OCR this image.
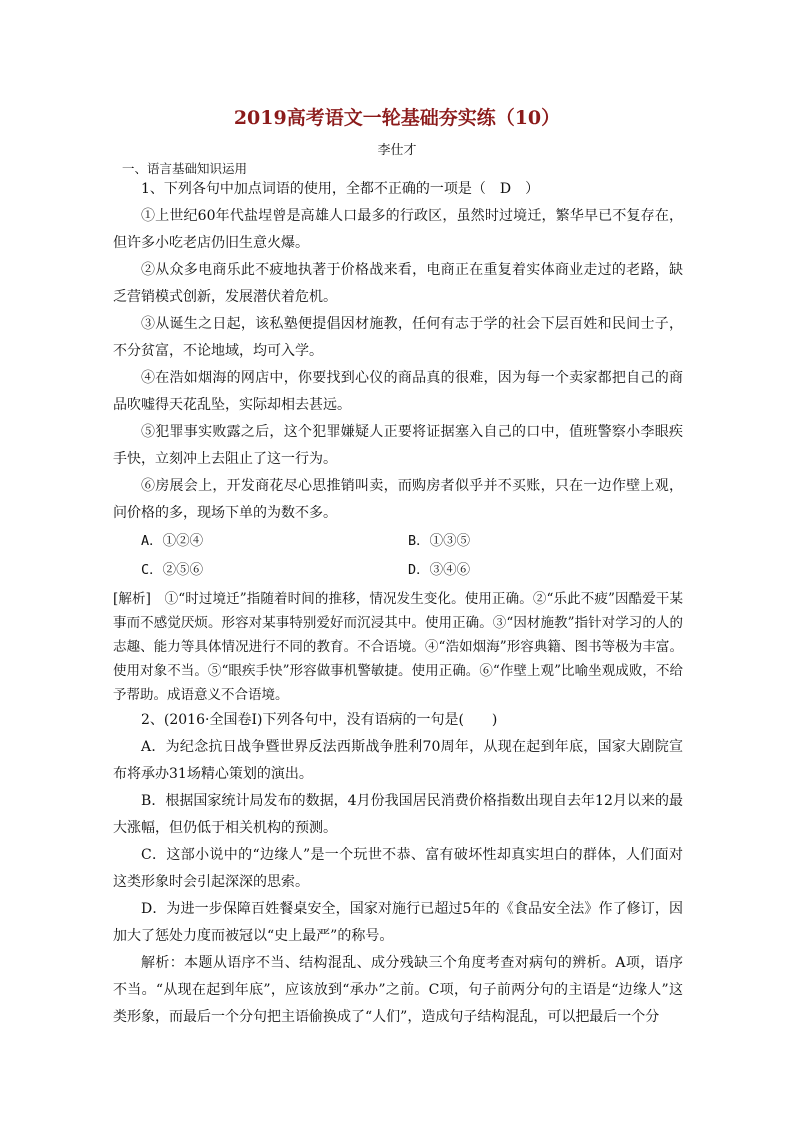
2019高考语文一轮基础夯实练（10）
李仕才
一、语言基础知识运用

1、下列各句中加点词语的使用，全都不正确的一项是（　D　）

①上世纪60年代盐埕曾是高雄人口最多的行政区，虽然时过境迁，繁华早已不复存在，但许多小吃老店仍旧生意火爆。

②从众多电商乐此不疲地执著于价格战来看，电商正在重复着实体商业走过的老路，缺乏营销模式创新，发展潜伏着危机。

③从诞生之日起，该私塾便提倡因材施教，任何有志于学的社会下层百姓和民间士子，不分贫富，不论地域，均可入学。

④在浩如烟海的网店中，你要找到心仪的商品真的很难，因为每一个卖家都把自己的商品吹嘘得天花乱坠，实际却相去甚远。

⑤犯罪事实败露之后，这个犯罪嫌疑人正要将证据塞入自己的口中，值班警察小李眼疾手快，立刻冲上去阻止了这一行为。

⑥房展会上，开发商花尽心思推销叫卖，而购房者似乎并不买账，只在一边作壁上观，问价格的多，现场下单的为数不多。

A．①②④	B．①③⑤
C．②⑤⑥	D．③④⑥

[解析]　①“时过境迁”指随着时间的推移，情况发生变化。使用正确。②“乐此不疲”因酷爱干某事而不感觉厌烦。形容对某事特别爱好而沉浸其中。使用正确。③“因材施教”指针对学习的人的志趣、能力等具体情况进行不同的教育。不合语境。④“浩如烟海”形容典籍、图书等极为丰富。使用对象不当。⑤“眼疾手快”形容做事机警敏捷。使用正确。⑥“作壁上观”比喻坐观成败，不给予帮助。成语意义不合语境。

2、(2016·全国卷Ⅰ)下列各句中，没有语病的一句是(　　)

A．为纪念抗日战争暨世界反法西斯战争胜利70周年，从现在起到年底，国家大剧院宣布将承办31场精心策划的演出。

B．根据国家统计局发布的数据，4月份我国居民消费价格指数出现自去年12月以来的最大涨幅，但仍低于相关机构的预测。

C．这部小说中的“边缘人”是一个玩世不恭、富有破坏性却真实坦白的群体，人们面对这类形象时会引起深深的思索。

D．为进一步保障百姓餐桌安全，国家对施行已超过5年的《食品安全法》作了修订，因加大了惩处力度而被冠以“史上最严”的称号。

解析：本题从语序不当、结构混乱、成分残缺三个角度考查对病句的辨析。A项，语序不当。“从现在起到年底”，应该放到“承办”之前。C项，句子前两分句的主语是“边缘人”这类形象，而最后一个分句把主语偷换成了“人们”，造成句子结构混乱，可以把最后一个分
